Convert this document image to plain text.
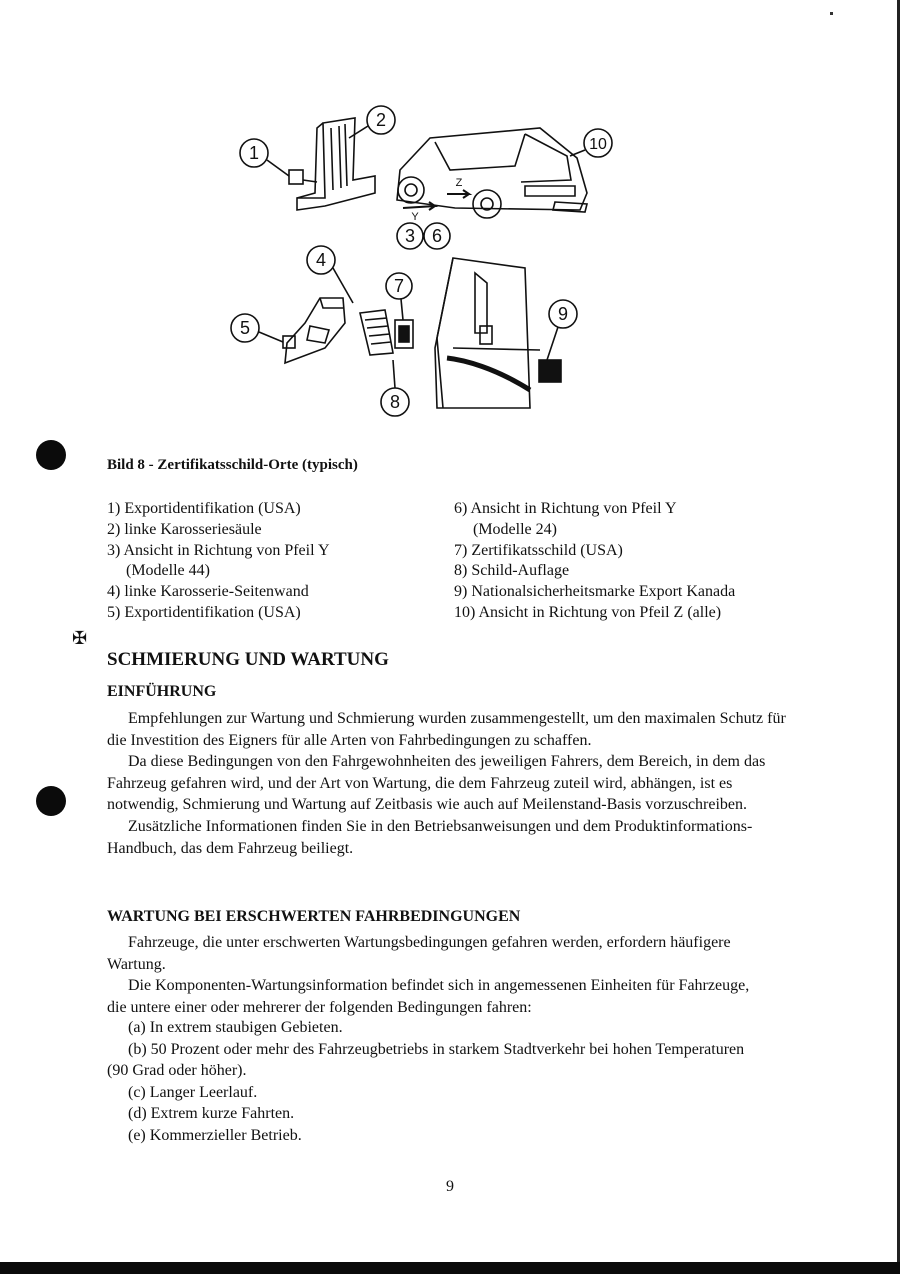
1
2
3
4
5
6
7
8
9
10
Y
Z
Bild 8 - Zertifikatsschild-Orte (typisch)
1) Exportidentifikation (USA)
2) linke Karosseriesäule
3) Ansicht in Richtung von Pfeil Y
(Modelle 44)
4) linke Karosserie-Seitenwand
5) Exportidentifikation (USA)
6) Ansicht in Richtung von Pfeil Y
(Modelle 24)
7) Zertifikatsschild (USA)
8) Schild-Auflage
9) Nationalsicherheitsmarke Export Kanada
10) Ansicht in Richtung von Pfeil Z (alle)
✠
SCHMIERUNG UND WARTUNG
EINFÜHRUNG

Empfehlungen zur Wartung und Schmierung wurden zusammengestellt, um den maximalen Schutz für die Investition des Eigners für alle Arten von Fahrbedingungen zu schaffen.

Da diese Bedingungen von den Fahrgewohnheiten des jeweiligen Fahrers, dem Bereich, in dem das Fahrzeug gefahren wird, und der Art von Wartung, die dem Fahrzeug zuteil wird, abhängen, ist es notwendig, Schmierung und Wartung auf Zeitbasis wie auch auf Meilenstand-Basis vorzuschreiben.

Zusätzliche Informationen finden Sie in den Betriebsanweisungen und dem Produktinformations-Handbuch, das dem Fahrzeug beiliegt.

WARTUNG BEI ERSCHWERTEN FAHRBEDINGUNGEN

Fahrzeuge, die unter erschwerten Wartungsbedingungen gefahren werden, erfordern häufigere Wartung.

Die Komponenten-Wartungsinformation befindet sich in angemessenen Einheiten für Fahrzeuge, die untere einer oder mehrerer der folgenden Bedingungen fahren:

(a) In extrem staubigen Gebieten.
(b) 50 Prozent oder mehr des Fahrzeugbetriebs in starkem Stadtverkehr bei hohen Temperaturen (90 Grad oder höher).
(c) Langer Leerlauf.
(d) Extrem kurze Fahrten.
(e) Kommerzieller Betrieb.
9
